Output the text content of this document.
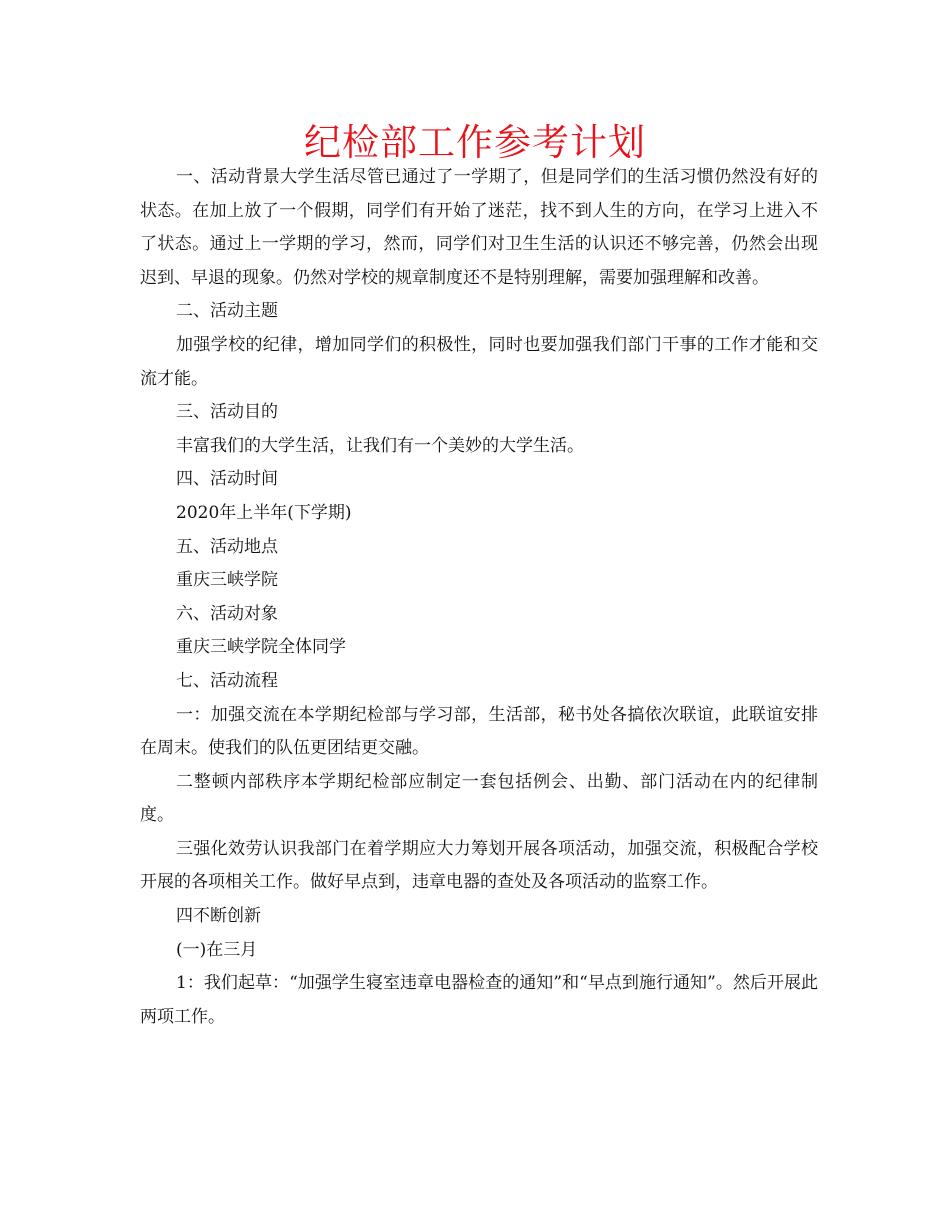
纪检部工作参考计划

一、活动背景大学生活尽管已通过了一学期了，但是同学们的生活习惯仍然没有好的状态。在加上放了一个假期，同学们有开始了迷茫，找不到人生的方向，在学习上进入不了状态。通过上一学期的学习，然而，同学们对卫生生活的认识还不够完善，仍然会出现迟到、早退的现象。仍然对学校的规章制度还不是特别理解，需要加强理解和改善。

二、活动主题

加强学校的纪律，增加同学们的积极性，同时也要加强我们部门干事的工作才能和交流才能。

三、活动目的

丰富我们的大学生活，让我们有一个美妙的大学生活。

四、活动时间

2020年上半年(下学期)

五、活动地点

重庆三峡学院

六、活动对象

重庆三峡学院全体同学

七、活动流程

一：加强交流在本学期纪检部与学习部，生活部，秘书处各搞依次联谊，此联谊安排在周末。使我们的队伍更团结更交融。

二整顿内部秩序本学期纪检部应制定一套包括例会、出勤、部门活动在内的纪律制度。

三强化效劳认识我部门在着学期应大力筹划开展各项活动，加强交流，积极配合学校开展的各项相关工作。做好早点到，违章电器的查处及各项活动的监察工作。

四不断创新

(一)在三月

1：我们起草：“加强学生寝室违章电器检查的通知”和“早点到施行通知”。然后开展此两项工作。
